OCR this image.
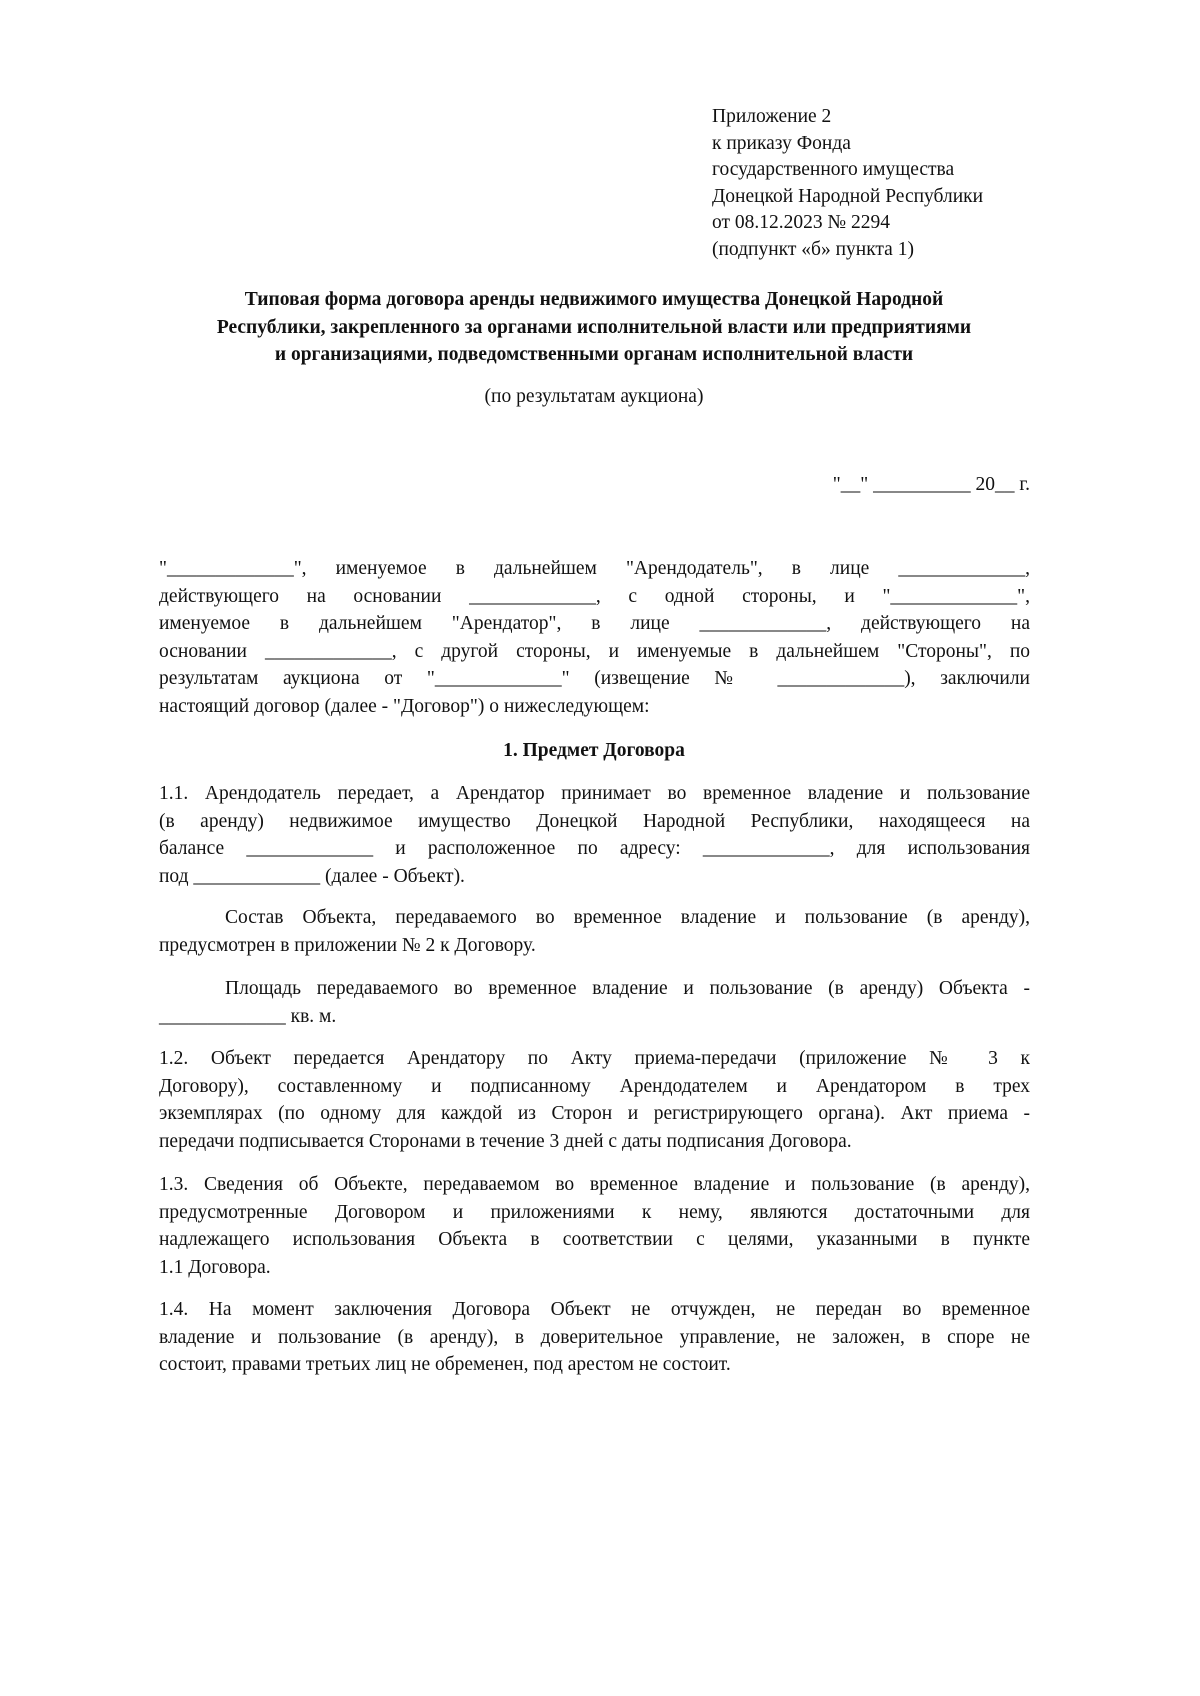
Приложение 2
к приказу Фонда
государственного имущества
Донецкой Народной Республики
от 08.12.2023 № 2294
(подпункт «б» пункта 1)
Типовая форма договора аренды недвижимого имущества Донецкой Народной
Республики, закрепленного за органами исполнительной власти или предприятиями
и организациями, подведомственными органам исполнительной власти
(по результатам аукциона)
"__" __________ 20__ г.
"_____________", именуемое в дальнейшем "Арендодатель", в лице _____________,
действующего на основании _____________, с одной стороны, и "_____________",
именуемое в дальнейшем "Арендатор", в лице _____________, действующего на
основании _____________, с другой стороны, и именуемые в дальнейшем "Стороны", по
результатам аукциона от "_____________" (извещение № _____________), заключили
настоящий договор (далее - "Договор") о нижеследующем:
1. Предмет Договора
1.1. Арендодатель передает, а Арендатор принимает во временное владение и пользование
(в аренду) недвижимое имущество Донецкой Народной Республики, находящееся на
балансе _____________ и расположенное по адресу: _____________, для использования
под _____________ (далее - Объект).
Состав Объекта, передаваемого во временное владение и пользование (в аренду),
предусмотрен в приложении № 2 к Договору.
Площадь передаваемого во временное владение и пользование (в аренду) Объекта -
_____________ кв. м.
1.2. Объект передается Арендатору по Акту приема-передачи (приложение № 3 к
Договору), составленному и подписанному Арендодателем и Арендатором в трех
экземплярах (по одному для каждой из Сторон и регистрирующего органа). Акт приема -
передачи подписывается Сторонами в течение 3 дней с даты подписания Договора.
1.3. Сведения об Объекте, передаваемом во временное владение и пользование (в аренду),
предусмотренные Договором и приложениями к нему, являются достаточными для
надлежащего использования Объекта в соответствии с целями, указанными в пункте
1.1 Договора.
1.4. На момент заключения Договора Объект не отчужден, не передан во временное
владение и пользование (в аренду), в доверительное управление, не заложен, в споре не
состоит, правами третьих лиц не обременен, под арестом не состоит.
